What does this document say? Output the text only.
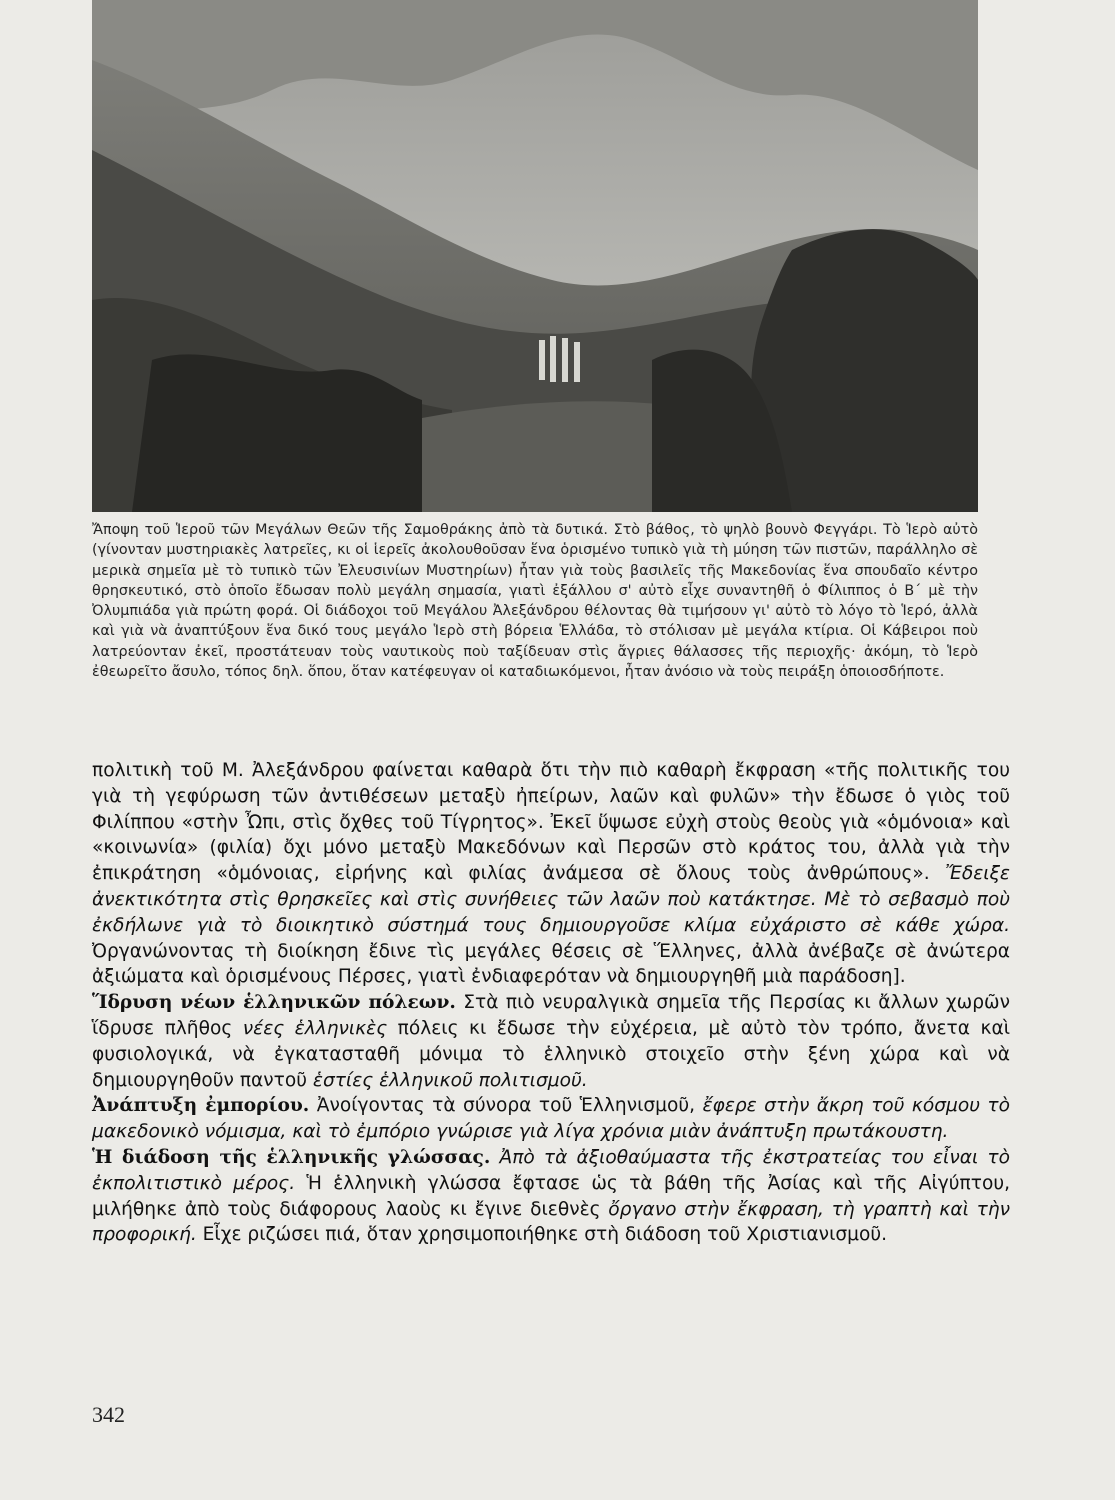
Ἄποψη τοῦ Ἱεροῦ τῶν Μεγάλων Θεῶν τῆς Σαμοθράκης ἀπὸ τὰ δυτικά. Στὸ βάθος, τὸ ψηλὸ βουνὸ Φεγγάρι. Τὸ Ἱερὸ αὐτὸ (γίνονταν μυστηριακὲς λατρεῖες, κι οἱ ἱερεῖς ἀκολουθοῦσαν ἕνα ὁρισμένο τυπικὸ γιὰ τὴ μύηση τῶν πιστῶν, παράλληλο σὲ μερικὰ σημεῖα μὲ τὸ τυπικὸ τῶν Ἐλευσινίων Μυστηρίων) ἦταν γιὰ τοὺς βασιλεῖς τῆς Μακεδονίας ἕνα σπουδαῖο κέντρο θρησκευτικό, στὸ ὁποῖο ἔδωσαν πολὺ μεγάλη σημασία, γιατὶ ἐξάλλου σ' αὐτὸ εἶχε συναντηθῆ ὁ Φίλιππος ὁ Β΄ μὲ τὴν Ὀλυμπιάδα γιὰ πρώτη φορά. Οἱ διάδοχοι τοῦ Μεγάλου Ἀλεξάνδρου θέλοντας θὰ τιμήσουν γι' αὐτὸ τὸ λόγο τὸ Ἱερό, ἀλλὰ καὶ γιὰ νὰ ἀναπτύξουν ἕνα δικό τους μεγάλο Ἱερὸ στὴ βόρεια Ἑλλάδα, τὸ στόλισαν μὲ μεγάλα κτίρια. Οἱ Κάβειροι ποὺ λατρεύονταν ἐκεῖ, προστάτευαν τοὺς ναυτικοὺς ποὺ ταξίδευαν στὶς ἄγριες θάλασσες τῆς περιοχῆς· ἀκόμη, τὸ Ἱερὸ ἐθεωρεῖτο ἄσυλο, τόπος δηλ. ὅπου, ὅταν κατέφευγαν οἱ καταδιωκόμενοι, ἦταν ἀνόσιο νὰ τοὺς πειράξη ὁποιοσδήποτε.

πολιτικὴ τοῦ Μ. Ἀλεξάνδρου φαίνεται καθαρὰ ὅτι τὴν πιὸ καθαρὴ ἔκφραση «τῆς πολιτικῆς του γιὰ τὴ γεφύρωση τῶν ἀντιθέσεων μεταξὺ ἠπείρων, λαῶν καὶ φυλῶν» τὴν ἔδωσε ὁ γιὸς τοῦ Φιλίππου «στὴν Ὦπι, στὶς ὄχθες τοῦ Τίγρητος». Ἐκεῖ ὕψωσε εὐχὴ στοὺς θεοὺς γιὰ «ὁμόνοια» καὶ «κοινωνία» (φιλία) ὄχι μόνο μεταξὺ Μακεδόνων καὶ Περσῶν στὸ κράτος του, ἀλλὰ γιὰ τὴν ἐπικράτηση «ὁμόνοιας, εἰρήνης καὶ φιλίας ἀνάμεσα σὲ ὅλους τοὺς ἀνθρώπους». Ἔδειξε ἀνεκτικότητα στὶς θρησκεῖες καὶ στὶς συνήθειες τῶν λαῶν ποὺ κατάκτησε. Μὲ τὸ σεβασμὸ ποὺ ἐκδήλωνε γιὰ τὸ διοικητικὸ σύστημά τους δημιουργοῦσε κλίμα εὐχάριστο σὲ κάθε χώρα. Ὀργανώνοντας τὴ διοίκηση ἔδινε τὶς μεγάλες θέσεις σὲ Ἕλληνες, ἀλλὰ ἀνέβαζε σὲ ἀνώτερα ἀξιώματα καὶ ὁρισμένους Πέρσες, γιατὶ ἐνδιαφερόταν νὰ δημιουργηθῆ μιὰ παράδοση].

Ἵδρυση νέων ἑλληνικῶν πόλεων. Στὰ πιὸ νευραλγικὰ σημεῖα τῆς Περσίας κι ἄλλων χωρῶν ἵδρυσε πλῆθος νέες ἑλληνικὲς πόλεις κι ἔδωσε τὴν εὐχέρεια, μὲ αὐτὸ τὸν τρόπο, ἄνετα καὶ φυσιολογικά, νὰ ἐγκατασταθῆ μόνιμα τὸ ἑλληνικὸ στοιχεῖο στὴν ξένη χώρα καὶ νὰ δημιουργηθοῦν παντοῦ ἑστίες ἑλληνικοῦ πολιτισμοῦ.

Ἀνάπτυξη ἐμπορίου. Ἀνοίγοντας τὰ σύνορα τοῦ Ἑλληνισμοῦ, ἔφερε στὴν ἄκρη τοῦ κόσμου τὸ μακεδονικὸ νόμισμα, καὶ τὸ ἐμπόριο γνώρισε γιὰ λίγα χρόνια μιὰν ἀνάπτυξη πρωτάκουστη.

Ἡ διάδοση τῆς ἑλληνικῆς γλώσσας. Ἀπὸ τὰ ἀξιοθαύμαστα τῆς ἐκστρατείας του εἶναι τὸ ἐκπολιτιστικὸ μέρος. Ἡ ἑλληνικὴ γλώσσα ἔφτασε ὡς τὰ βάθη τῆς Ἀσίας καὶ τῆς Αἰγύπτου, μιλήθηκε ἀπὸ τοὺς διάφορους λαοὺς κι ἔγινε διεθνὲς ὄργανο στὴν ἔκφραση, τὴ γραπτὴ καὶ τὴν προφορική. Εἶχε ριζώσει πιά, ὅταν χρησιμοποιήθηκε στὴ διάδοση τοῦ Χριστιανισμοῦ.

342
